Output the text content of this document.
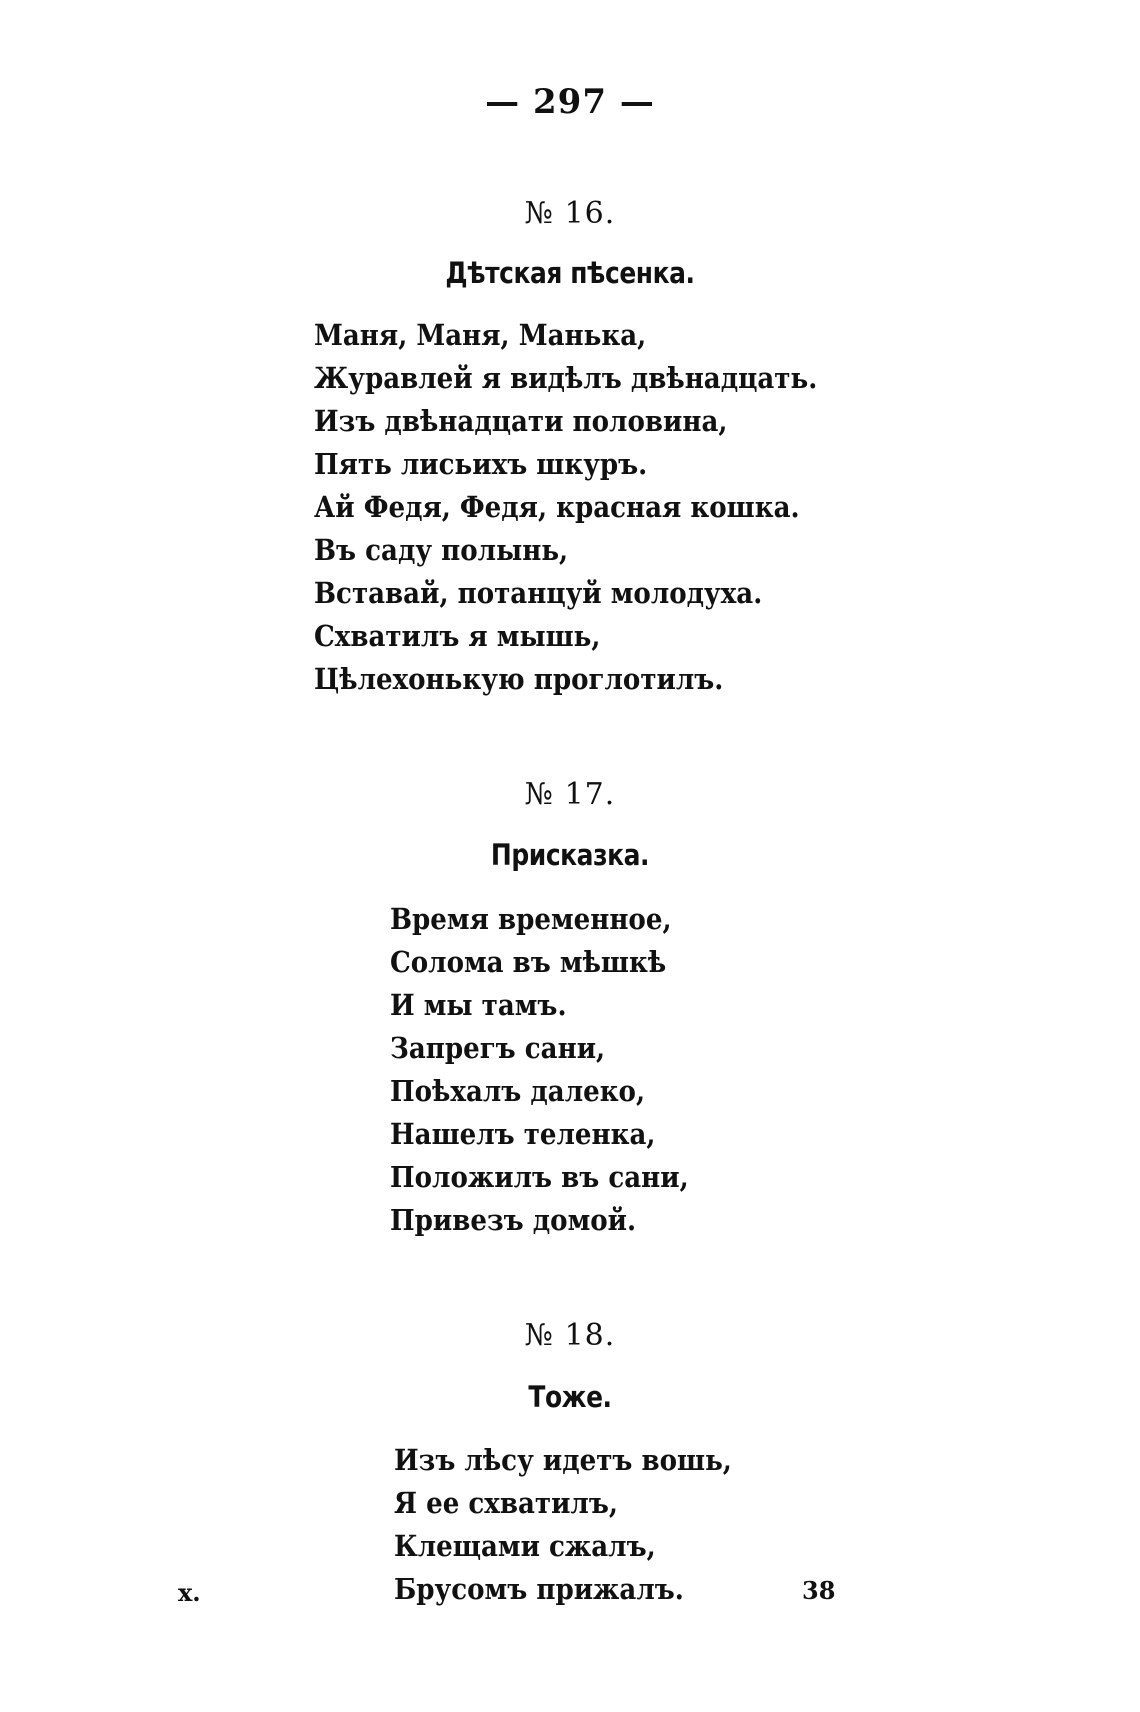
— 297 —
№ 16.
Дѣтская пѣсенка.
Маня, Маня, Манька,
Журавлей я видѣлъ двѣнадцать.
Изъ двѣнадцати половина,
Пять лисьихъ шкуръ.
Ай Федя, Федя, красная кошка.
Въ саду полынь,
Вставай, потанцуй молодуха.
Схватилъ я мышь,
Цѣлехонькую проглотилъ.
№ 17.
Присказка.
Время временное,
Солома въ мѣшкѣ
И мы тамъ.
Запрегъ сани,
Поѣхалъ далеко,
Нашелъ теленка,
Положилъ въ сани,
Привезъ домой.
№ 18.
Тоже.
Изъ лѣсу идетъ вошь,
Я ее схватилъ,
Клещами сжалъ,
Брусомъ прижалъ.
x.	38
